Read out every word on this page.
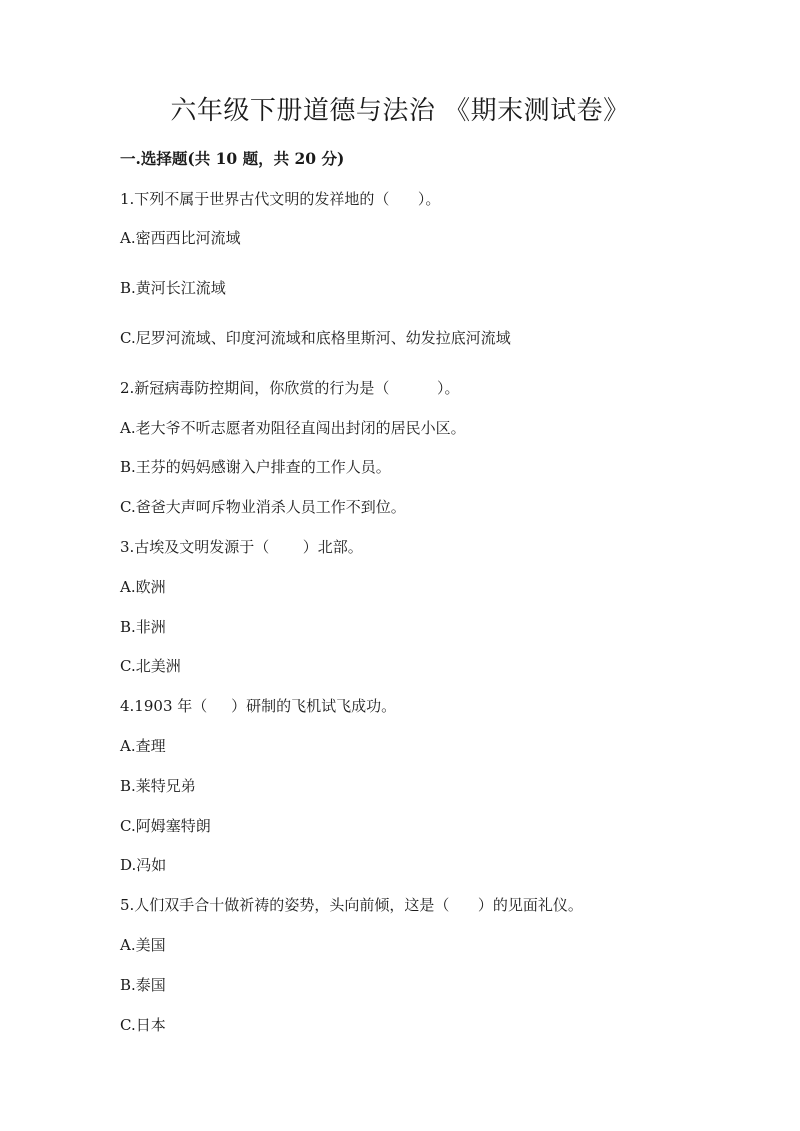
六年级下册道德与法治 《期末测试卷》
一.选择题(共 10 题，共 20 分)
1.下列不属于世界古代文明的发祥地的（      ）。
A.密西西比河流域
B.黄河长江流域
C.尼罗河流域、印度河流域和底格里斯河、幼发拉底河流域
2.新冠病毒防控期间，你欣赏的行为是（          ）。
A.老大爷不听志愿者劝阻径直闯出封闭的居民小区。
B.王芬的妈妈感谢入户排查的工作人员。
C.爸爸大声呵斥物业消杀人员工作不到位。
3.古埃及文明发源于（       ）北部。
A.欧洲
B.非洲
C.北美洲
4.1903 年（     ）研制的飞机试飞成功。
A.查理
B.莱特兄弟
C.阿姆塞特朗
D.冯如
5.人们双手合十做祈祷的姿势，头向前倾，这是（      ）的见面礼仪。
A.美国
B.泰国
C.日本
